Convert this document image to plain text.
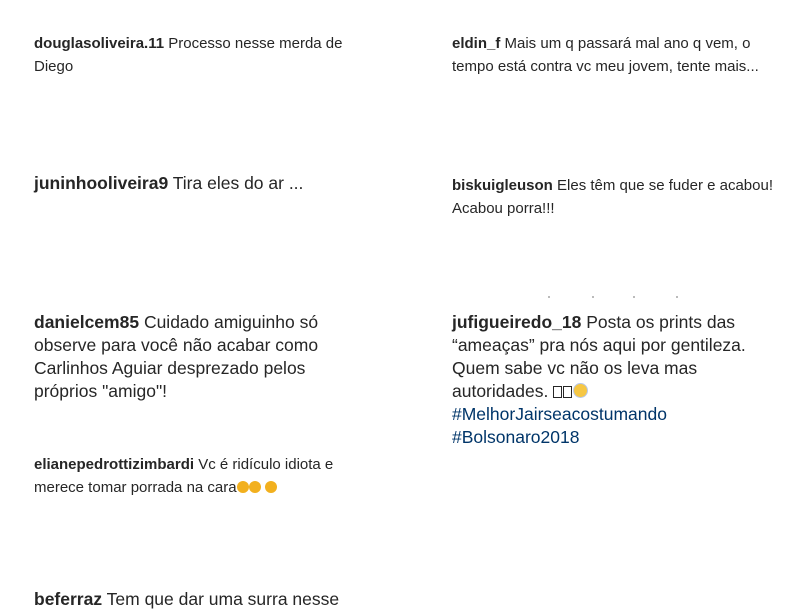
douglasoliveira.11 Processo nesse merda de Diego

juninhooliveira9 Tira eles do ar ...

danielcem85 Cuidado amiguinho só observe para você não acabar como Carlinhos Aguiar desprezado pelos próprios "amigo"!

elianepedrottizimbardi Vc é ridículo idiota e merece tomar porrada na cara

beferraz Tem que dar uma surra nesse

eldin_f Mais um q passará mal ano q vem, o tempo está contra vc meu jovem, tente mais...

biskuigleuson Eles têm que se fuder e acabou!
Acabou porra!!!

jufigueiredo_18 Posta os prints das “ameaças” pra nós aqui por gentileza. Quem sabe vc não os leva mas autoridades.
#MelhorJairseacostumando
#Bolsonaro2018
